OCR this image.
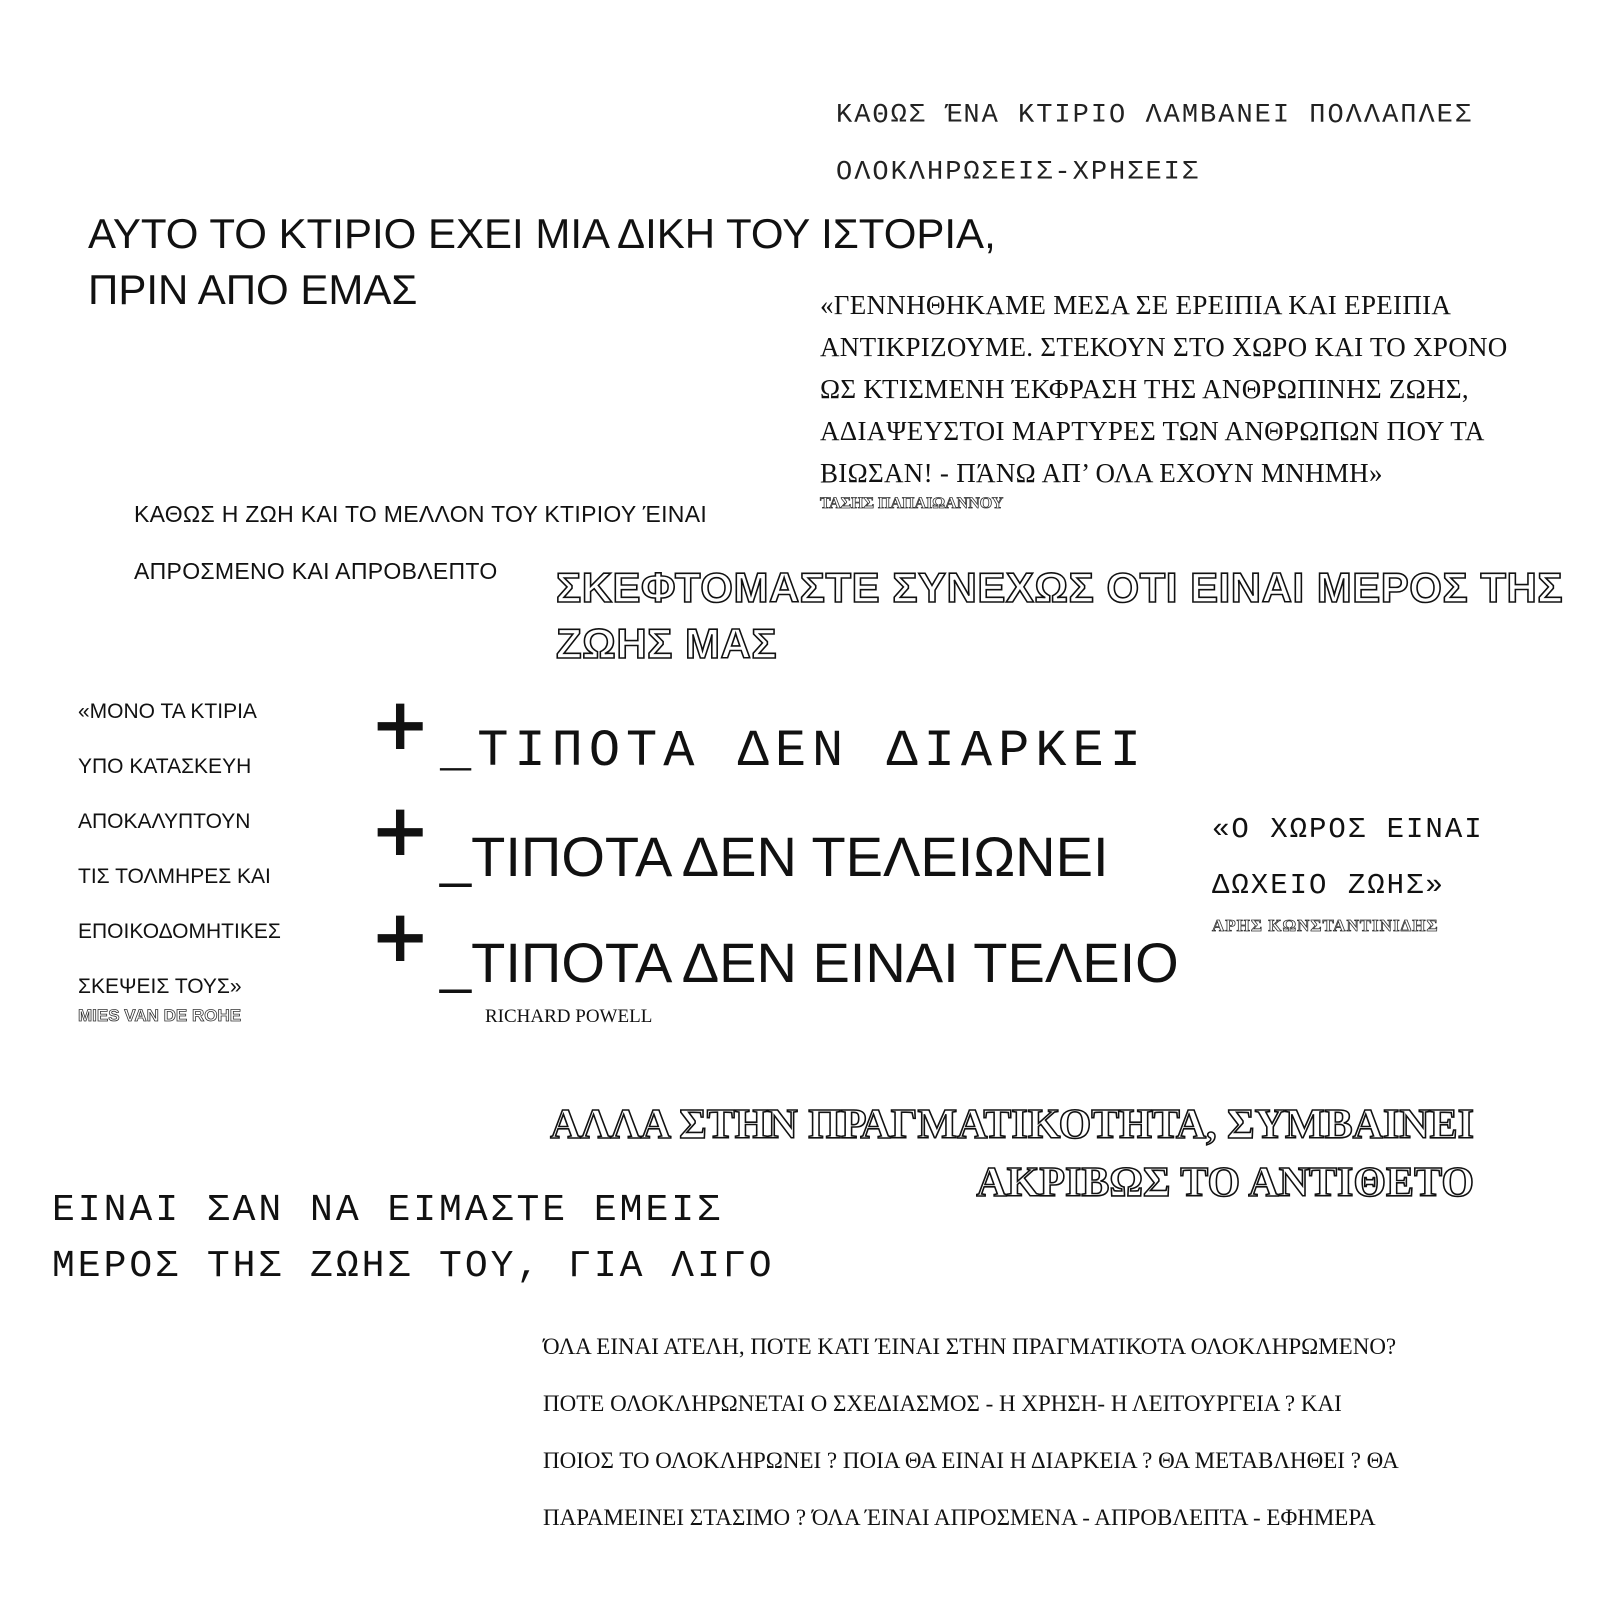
ΚΑΘΩΣ ΈΝΑ ΚΤΙΡΙΟ ΛΑΜΒΑΝΕΙ ΠΟΛΛΑΠΛΕΣ
ΟΛΟΚΛΗΡΩΣΕΙΣ-ΧΡΗΣΕΙΣ
ΑΥΤΟ ΤΟ ΚΤΙΡΙΟ ΕΧΕΙ ΜΙΑ ΔΙΚΗ ΤΟΥ ΙΣΤΟΡΙΑ,
ΠΡΙΝ ΑΠΟ ΕΜΑΣ	«ΓΕΝΝΗΘΗΚΑΜΕ ΜΕΣΑ ΣΕ ΕΡΕΙΠΙΑ ΚΑΙ ΕΡΕΙΠΙΑ
ΑΝΤΙΚΡΙΖΟΥΜΕ. ΣΤΕΚΟΥΝ ΣΤΟ ΧΩΡΟ ΚΑΙ ΤΟ ΧΡΟΝΟ
ΩΣ ΚΤΙΣΜΕΝΗ ΈΚΦΡΑΣΗ ΤΗΣ ΑΝΘΡΩΠΙΝΗΣ ΖΩΗΣ,
ΑΔΙΑΨΕΥΣΤΟΙ ΜΑΡΤΥΡΕΣ ΤΩΝ ΑΝΘΡΩΠΩΝ ΠΟΥ ΤΑ
ΒΙΩΣΑΝ! - ΠΆΝΩ ΑΠ’ ΟΛΑ ΕΧΟΥΝ ΜΝΗΜΗ»
ΤΑΣΗΣ ΠΑΠΑΙΩΑΝΝΟΥ
ΚΑΘΩΣ Η ΖΩΗ ΚΑΙ ΤΟ ΜΕΛΛΟΝ ΤΟΥ ΚΤΙΡΙΟΥ ΈΙΝΑΙ
ΑΠΡΟΣΜΕΝΟ ΚΑΙ ΑΠΡΟΒΛΕΠΤΟ	ΣΚΕΦΤΟΜΑΣΤΕ ΣΥΝΕΧΩΣ ΟΤΙ ΕΙΝΑΙ ΜΕΡΟΣ ΤΗΣ
ΖΩΗΣ ΜΑΣ
«ΜΟΝΟ ΤΑ ΚΤΙΡΙΑ
ΥΠΟ ΚΑΤΑΣΚΕΥΗ
ΑΠΟΚΑΛΥΠΤΟΥΝ
ΤΙΣ ΤΟΛΜΗΡΕΣ ΚΑΙ
ΕΠΟΙΚΟΔΟΜΗΤΙΚΕΣ
ΣΚΕΨΕΙΣ ΤΟΥΣ»
MIES VAN DE ROHE
+
+
+
_ΤΙΠΟΤΑ ΔΕΝ ΔΙΑΡΚΕΙ
_ΤΙΠΟΤΑ ΔΕΝ ΤΕΛΕΙΩΝΕΙ
_ΤΙΠΟΤΑ ΔΕΝ ΕΙΝΑΙ ΤΕΛΕΙΟ
RICHARD POWELL
«Ο ΧΩΡΟΣ ΕΙΝΑΙ
ΔΩΧΕΙΟ ΖΩΗΣ»
ΑΡΗΣ ΚΩΝΣΤΑΝΤΙΝΙΔΗΣ
ΑΛΛΑ ΣΤΗΝ ΠΡΑΓΜΑΤΙΚΟΤΗΤΑ, ΣΥΜΒΑΙΝΕΙ
ΑΚΡΙΒΩΣ ΤΟ ΑΝΤΙΘΕΤΟ
ΕΙΝΑΙ ΣΑΝ ΝΑ ΕΙΜΑΣΤΕ ΕΜΕΙΣ
ΜΕΡΟΣ ΤΗΣ ΖΩΗΣ ΤΟΥ, ΓΙΑ ΛΙΓΟ
ΌΛΑ ΕΙΝΑΙ ΑΤΕΛΗ, ΠΟΤΕ ΚΑΤΙ ΈΙΝΑΙ ΣΤΗΝ ΠΡΑΓΜΑΤΙΚΟΤΑ ΟΛΟΚΛΗΡΩΜΕΝΟ?
ΠΟΤΕ ΟΛΟΚΛΗΡΩΝΕΤΑΙ Ο ΣΧΕΔΙΑΣΜΟΣ - Η ΧΡΗΣΗ- Η ΛΕΙΤΟΥΡΓΕΙΑ ? ΚΑΙ
ΠΟΙΟΣ ΤΟ ΟΛΟΚΛΗΡΩΝΕΙ ? ΠΟΙΑ ΘΑ ΕΙΝΑΙ Η ΔΙΑΡΚΕΙΑ ? ΘΑ ΜΕΤΑΒΛΗΘΕΙ ? ΘΑ
ΠΑΡΑΜΕΙΝΕΙ ΣΤΑΣΙΜΟ ? ΌΛΑ ΈΙΝΑΙ ΑΠΡΟΣΜΕΝΑ - ΑΠΡΟΒΛΕΠΤΑ - ΕΦΗΜΕΡΑ
